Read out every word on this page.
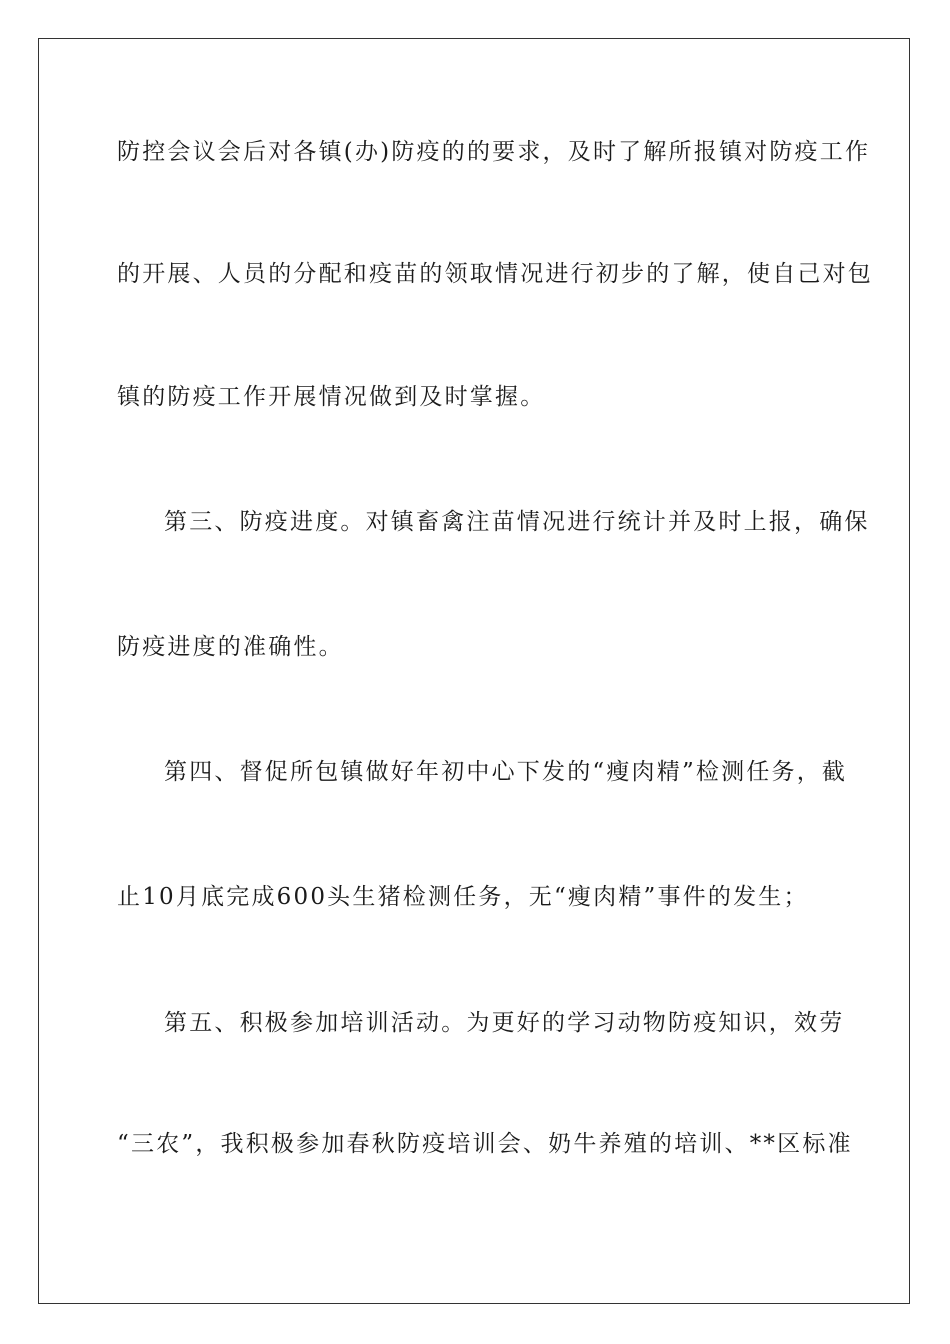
防控会议会后对各镇(办)防疫的的要求，及时了解所报镇对防疫工作
的开展、人员的分配和疫苗的领取情况进行初步的了解，使自己对包
镇的防疫工作开展情况做到及时掌握。
第三、防疫进度。对镇畜禽注苗情况进行统计并及时上报，确保
防疫进度的准确性。
第四、督促所包镇做好年初中心下发的“瘦肉精”检测任务，截
止10月底完成600头生猪检测任务，无“瘦肉精”事件的发生；
第五、积极参加培训活动。为更好的学习动物防疫知识，效劳
“三农”，我积极参加春秋防疫培训会、奶牛养殖的培训、**区标准
